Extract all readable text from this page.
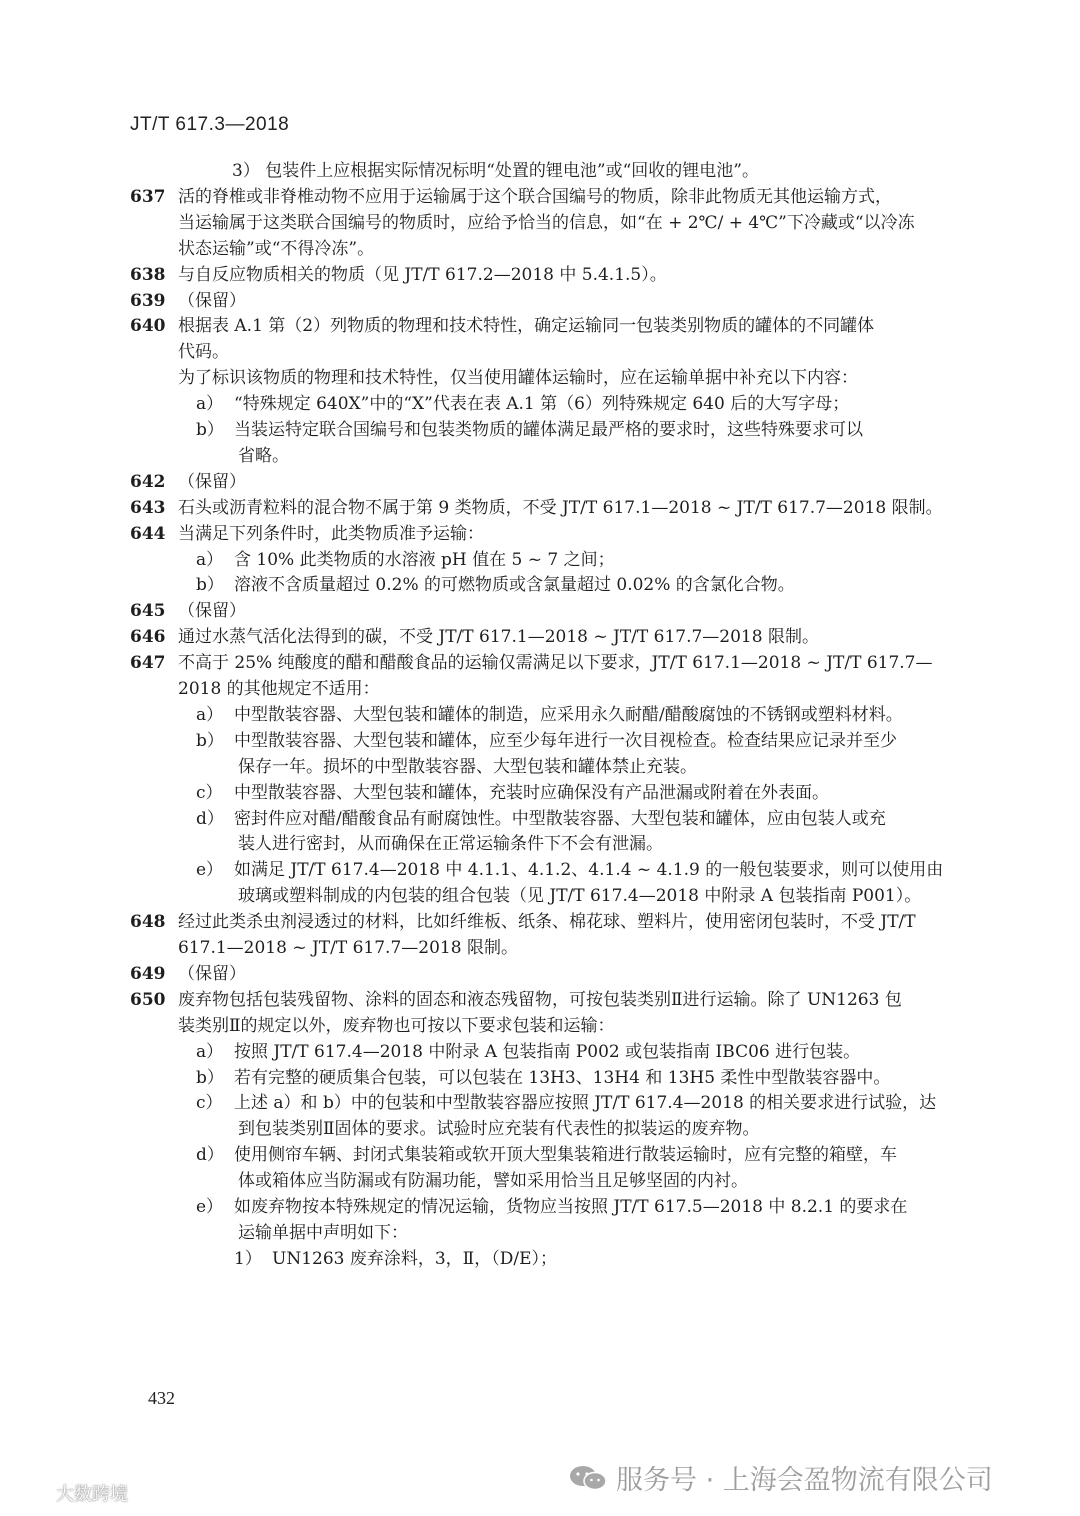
JT/T 617.3—2018
3） 包装件上应根据实际情况标明“处置的锂电池”或“回收的锂电池”。
637 活的脊椎或非脊椎动物不应用于运输属于这个联合国编号的物质，除非此物质无其他运输方式，
当运输属于这类联合国编号的物质时，应给予恰当的信息，如“在 + 2℃/ + 4℃”下冷藏或“以冷冻
状态运输”或“不得冷冻”。
638 与自反应物质相关的物质（见 JT/T 617.2—2018 中 5.4.1.5）。
639 （保留）
640 根据表 A.1 第（2）列物质的物理和技术特性，确定运输同一包装类别物质的罐体的不同罐体
代码。
为了标识该物质的物理和技术特性，仅当使用罐体运输时，应在运输单据中补充以下内容：
a） “特殊规定 640X”中的“X”代表在表 A.1 第（6）列特殊规定 640 后的大写字母；
b） 当装运特定联合国编号和包装类物质的罐体满足最严格的要求时，这些特殊要求可以
省略。
642 （保留）
643 石头或沥青粒料的混合物不属于第 9 类物质，不受 JT/T 617.1—2018 ~ JT/T 617.7—2018 限制。
644 当满足下列条件时，此类物质准予运输：
a） 含 10% 此类物质的水溶液 pH 值在 5 ~ 7 之间；
b） 溶液不含质量超过 0.2% 的可燃物质或含氯量超过 0.02% 的含氯化合物。
645 （保留）
646 通过水蒸气活化法得到的碳，不受 JT/T 617.1—2018 ~ JT/T 617.7—2018 限制。
647 不高于 25% 纯酸度的醋和醋酸食品的运输仅需满足以下要求，JT/T 617.1—2018 ~ JT/T 617.7—
2018 的其他规定不适用：
a） 中型散装容器、大型包装和罐体的制造，应采用永久耐醋/醋酸腐蚀的不锈钢或塑料材料。
b） 中型散装容器、大型包装和罐体，应至少每年进行一次目视检查。检查结果应记录并至少
保存一年。损坏的中型散装容器、大型包装和罐体禁止充装。
c） 中型散装容器、大型包装和罐体，充装时应确保没有产品泄漏或附着在外表面。
d） 密封件应对醋/醋酸食品有耐腐蚀性。中型散装容器、大型包装和罐体，应由包装人或充
装人进行密封，从而确保在正常运输条件下不会有泄漏。
e） 如满足 JT/T 617.4—2018 中 4.1.1、4.1.2、4.1.4 ~ 4.1.9 的一般包装要求，则可以使用由
玻璃或塑料制成的内包装的组合包装（见 JT/T 617.4—2018 中附录 A 包装指南 P001）。
648 经过此类杀虫剂浸透过的材料，比如纤维板、纸条、棉花球、塑料片，使用密闭包装时，不受 JT/T
617.1—2018 ~ JT/T 617.7—2018 限制。
649 （保留）
650 废弃物包括包装残留物、涂料的固态和液态残留物，可按包装类别Ⅱ进行运输。除了 UN1263 包
装类别Ⅱ的规定以外，废弃物也可按以下要求包装和运输：
a） 按照 JT/T 617.4—2018 中附录 A 包装指南 P002 或包装指南 IBC06 进行包装。
b） 若有完整的硬质集合包装，可以包装在 13H3、13H4 和 13H5 柔性中型散装容器中。
c） 上述 a）和 b）中的包装和中型散装容器应按照 JT/T 617.4—2018 的相关要求进行试验，达
到包装类别Ⅱ固体的要求。试验时应充装有代表性的拟装运的废弃物。
d） 使用侧帘车辆、封闭式集装箱或软开顶大型集装箱进行散装运输时，应有完整的箱壁，车
体或箱体应当防漏或有防漏功能，譬如采用恰当且足够坚固的内衬。
e） 如废弃物按本特殊规定的情况运输，货物应当按照 JT/T 617.5—2018 中 8.2.1 的要求在
运输单据中声明如下：
1） UN1263 废弃涂料，3，Ⅱ，（D/E）；
432
服务号 · 上海会盈物流有限公司
大数跨境
